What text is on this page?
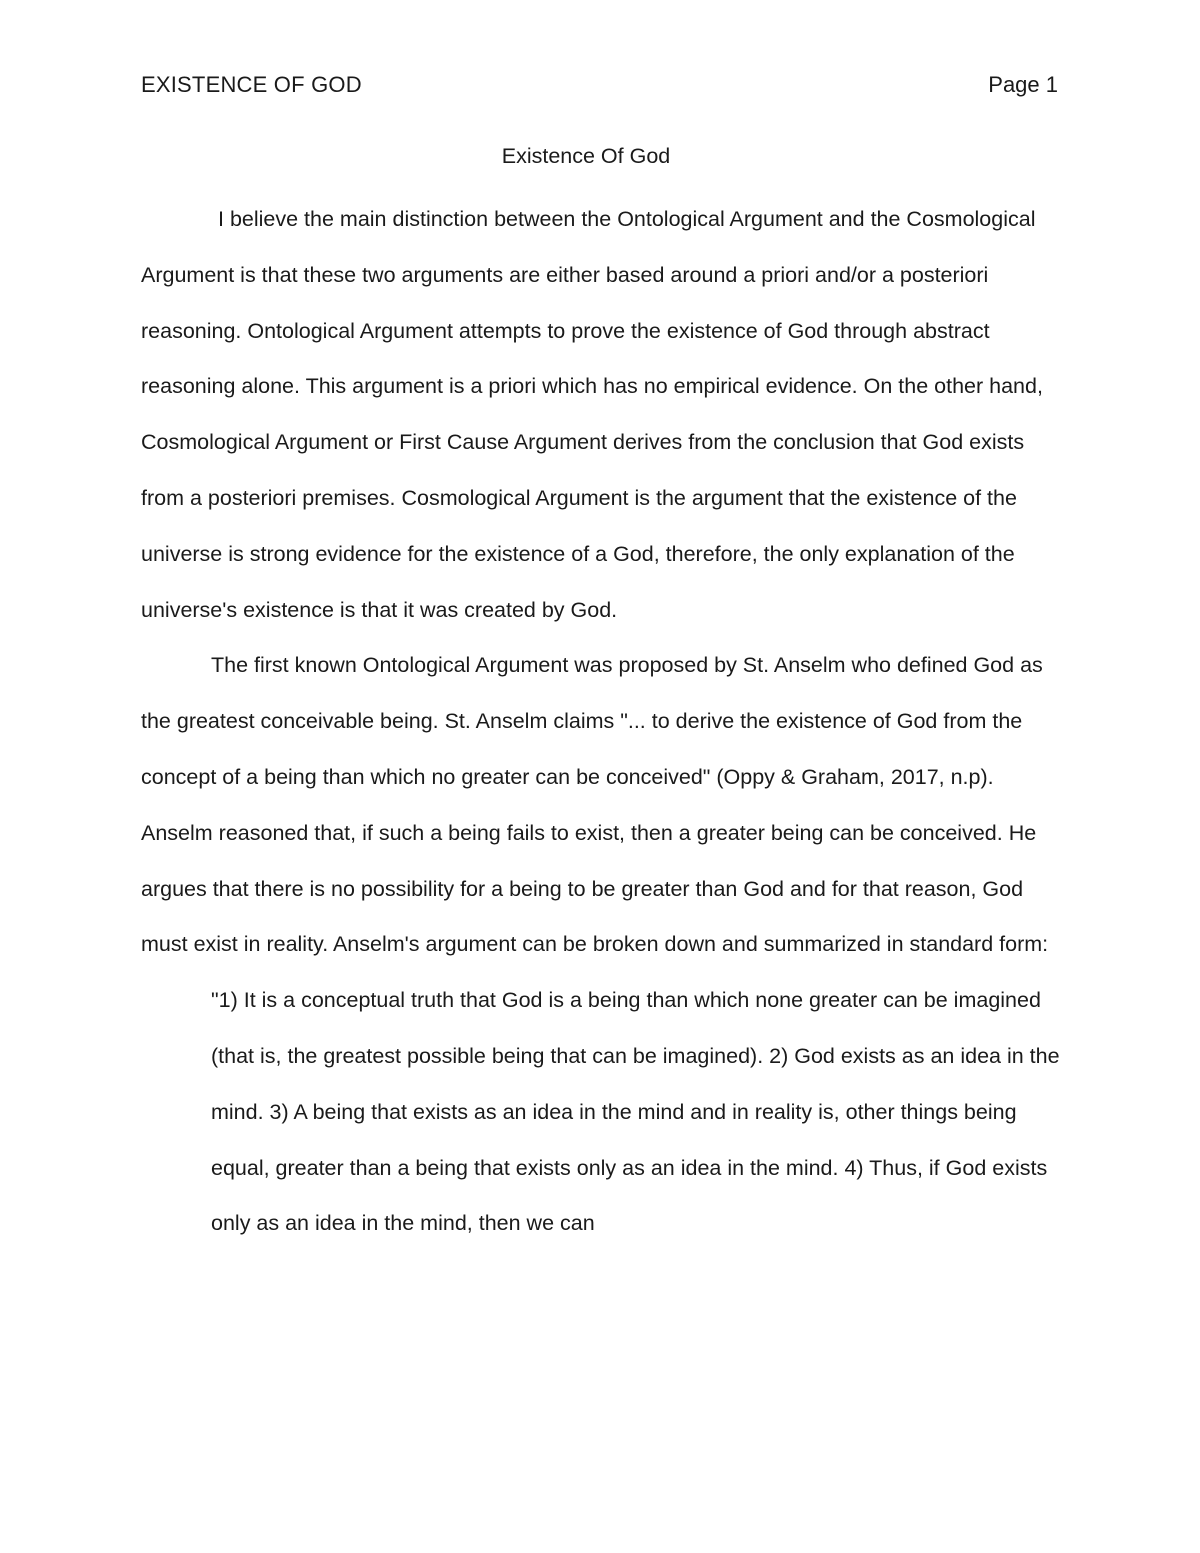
EXISTENCE OF GOD	Page 1
Existence Of God

I believe the main distinction between the Ontological Argument and the Cosmological Argument is that these two arguments are either based around a priori and/or a posteriori reasoning. Ontological Argument attempts to prove the existence of God through abstract reasoning alone. This argument is a priori which has no empirical evidence. On the other hand, Cosmological Argument or First Cause Argument derives from the conclusion that God exists from a posteriori premises. Cosmological Argument is the argument that the existence of the universe is strong evidence for the existence of a God, therefore, the only explanation of the universe's existence is that it was created by God.

The first known Ontological Argument was proposed by St. Anselm who defined God as the greatest conceivable being. St. Anselm claims "... to derive the existence of God from the concept of a being than which no greater can be conceived" (Oppy & Graham, 2017, n.p). Anselm reasoned that, if such a being fails to exist, then a greater being can be conceived. He argues that there is no possibility for a being to be greater than God and for that reason, God must exist in reality. Anselm's argument can be broken down and summarized in standard form:

"1) It is a conceptual truth that God is a being than which none greater can be imagined (that is, the greatest possible being that can be imagined). 2) God exists as an idea in the mind. 3) A being that exists as an idea in the mind and in reality is, other things being equal, greater than a being that exists only as an idea in the mind. 4) Thus, if God exists only as an idea in the mind, then we can
